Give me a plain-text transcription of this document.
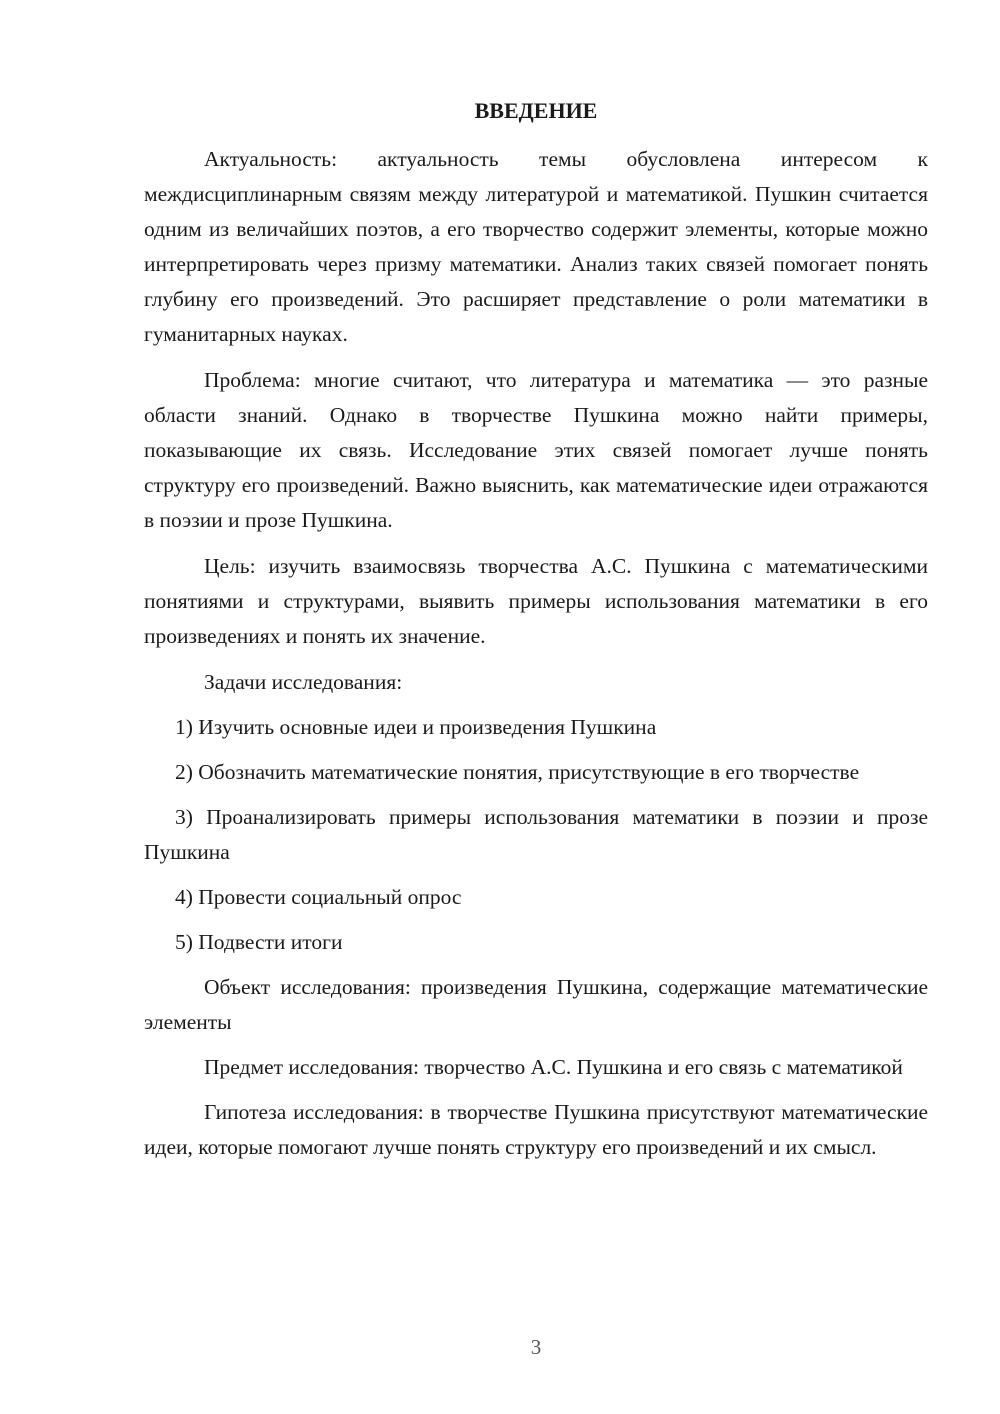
ВВЕДЕНИЕ

Актуальность: актуальность темы обусловлена интересом к междисциплинарным связям между литературой и математикой. Пушкин считается одним из величайших поэтов, а его творчество содержит элементы, которые можно интерпретировать через призму математики. Анализ таких связей помогает понять глубину его произведений. Это расширяет представление о роли математики в гуманитарных науках.

Проблема: многие считают, что литература и математика — это разные области знаний. Однако в творчестве Пушкина можно найти примеры, показывающие их связь. Исследование этих связей помогает лучше понять структуру его произведений. Важно выяснить, как математические идеи отражаются в поэзии и прозе Пушкина.

Цель: изучить взаимосвязь творчества А.С. Пушкина с математическими понятиями и структурами, выявить примеры использования математики в его произведениях и понять их значение.

Задачи исследования:

1) Изучить основные идеи и произведения Пушкина

2) Обозначить математические понятия, присутствующие в его творчестве

3) Проанализировать примеры использования математики в поэзии и прозе Пушкина

4) Провести социальный опрос

5) Подвести итоги

Объект исследования: произведения Пушкина, содержащие математические элементы

Предмет исследования: творчество А.С. Пушкина и его связь с математикой

Гипотеза исследования: в творчестве Пушкина присутствуют математические идеи, которые помогают лучше понять структуру его произведений и их смысл.

3
